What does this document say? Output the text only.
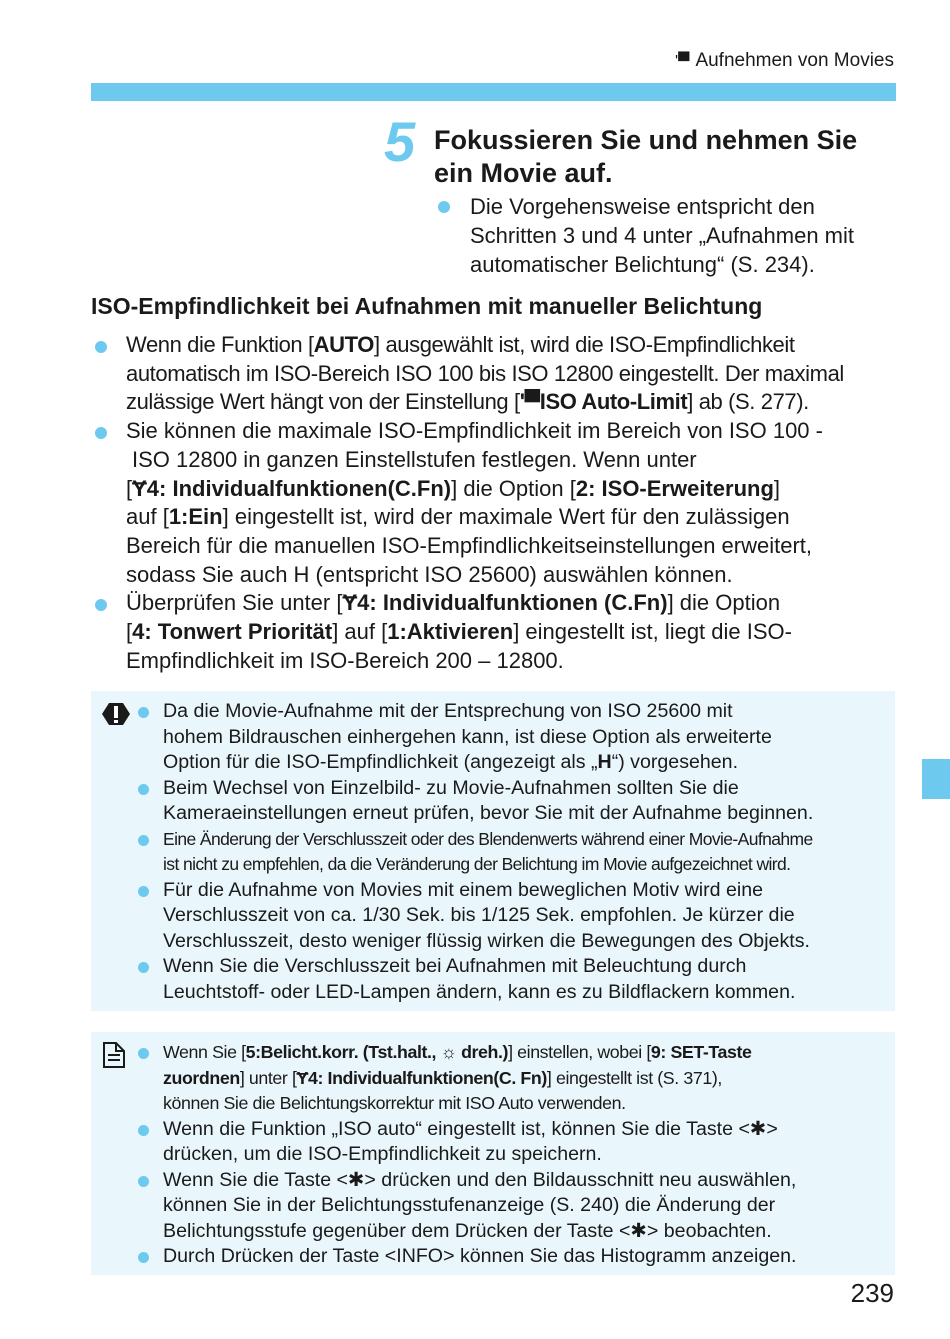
'▀ Aufnehmen von Movies
5 Fokussieren Sie und nehmen Sie
ein Movie auf.
Die Vorgehensweise entspricht den
Schritten 3 und 4 unter „Aufnahmen mit
automatischer Belichtung“ (S. 234).
ISO-Empfindlichkeit bei Aufnahmen mit manueller Belichtung
Wenn die Funktion [AUTO] ausgewählt ist, wird die ISO-Empfindlichkeit
automatisch im ISO-Bereich ISO 100 bis ISO 12800 eingestellt. Der maximal
zulässige Wert hängt von der Einstellung ['▀ISO Auto-Limit] ab (S. 277).
Sie können die maximale ISO-Empfindlichkeit im Bereich von ISO 100 -
ISO 12800 in ganzen Einstellstufen festlegen. Wenn unter
[Ɏ4: Individualfunktionen(C.Fn)] die Option [2: ISO-Erweiterung]
auf [1:Ein] eingestellt ist, wird der maximale Wert für den zulässigen
Bereich für die manuellen ISO-Empfindlichkeitseinstellungen erweitert,
sodass Sie auch H (entspricht ISO 25600) auswählen können.
Überprüfen Sie unter [Ɏ4: Individualfunktionen (C.Fn)] die Option
[4: Tonwert Priorität] auf [1:Aktivieren] eingestellt ist, liegt die ISO-
Empfindlichkeit im ISO-Bereich 200 – 12800.
Da die Movie-Aufnahme mit der Entsprechung von ISO 25600 mit
hohem Bildrauschen einhergehen kann, ist diese Option als erweiterte
Option für die ISO-Empfindlichkeit (angezeigt als „H“) vorgesehen.
Beim Wechsel von Einzelbild- zu Movie-Aufnahmen sollten Sie die
Kameraeinstellungen erneut prüfen, bevor Sie mit der Aufnahme beginnen.
Eine Änderung der Verschlusszeit oder des Blendenwerts während einer Movie-Aufnahme
ist nicht zu empfehlen, da die Veränderung der Belichtung im Movie aufgezeichnet wird.
Für die Aufnahme von Movies mit einem beweglichen Motiv wird eine
Verschlusszeit von ca. 1/30 Sek. bis 1/125 Sek. empfohlen. Je kürzer die
Verschlusszeit, desto weniger flüssig wirken die Bewegungen des Objekts.
Wenn Sie die Verschlusszeit bei Aufnahmen mit Beleuchtung durch
Leuchtstoff- oder LED-Lampen ändern, kann es zu Bildflackern kommen.
Wenn Sie [5:Belicht.korr. (Tst.halt., ☼ dreh.)] einstellen, wobei [9: SET-Taste
zuordnen] unter [Ɏ4: Individualfunktionen(C. Fn)] eingestellt ist (S. 371),
können Sie die Belichtungskorrektur mit ISO Auto verwenden.
Wenn die Funktion „ISO auto“ eingestellt ist, können Sie die Taste <✱>
drücken, um die ISO-Empfindlichkeit zu speichern.
Wenn Sie die Taste <✱> drücken und den Bildausschnitt neu auswählen,
können Sie in der Belichtungsstufenanzeige (S. 240) die Änderung der
Belichtungsstufe gegenüber dem Drücken der Taste <✱> beobachten.
Durch Drücken der Taste <INFO> können Sie das Histogramm anzeigen.
239
